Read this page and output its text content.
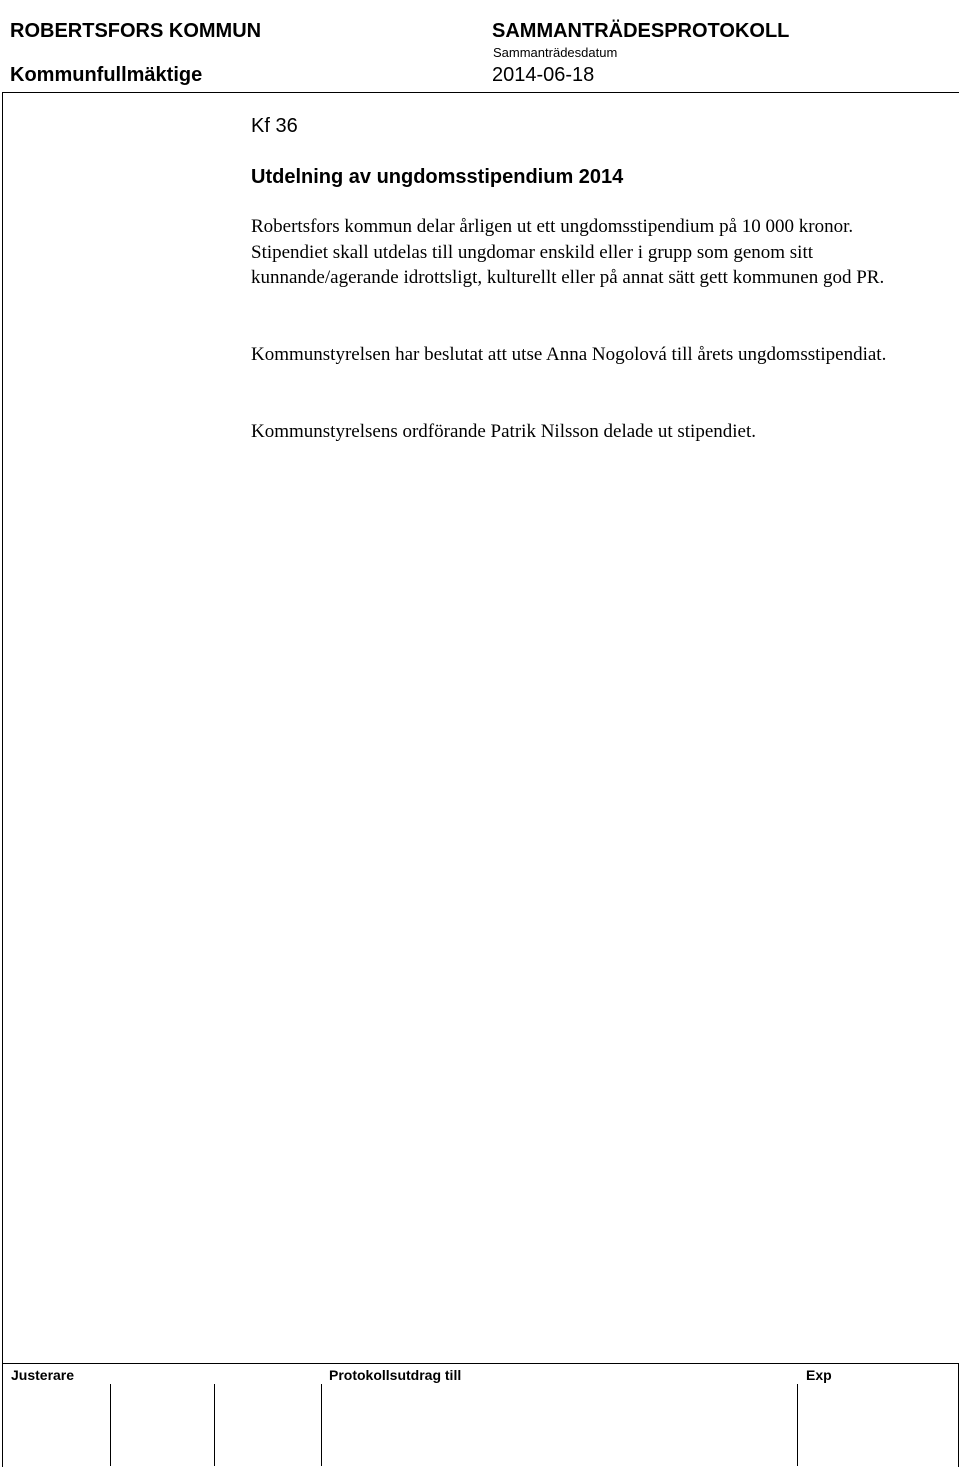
ROBERTSFORS KOMMUN	SAMMANTRÄDESPROTOKOLL
Sammanträdesdatum
Kommunfullmäktige	2014-06-18
Kf 36
Utdelning av ungdomsstipendium 2014

Robertsfors kommun delar årligen ut ett ungdomsstipendium på 10 000 kronor. Stipendiet skall utdelas till ungdomar enskild eller i grupp som genom sitt kunnande/agerande idrottsligt, kulturellt eller på annat sätt gett kommunen god PR.

Kommunstyrelsen har beslutat att utse Anna Nogolová till årets ungdomsstipendiat.

Kommunstyrelsens ordförande Patrik Nilsson delade ut stipendiet.

Justerare	Protokollsutdrag till	Exp
